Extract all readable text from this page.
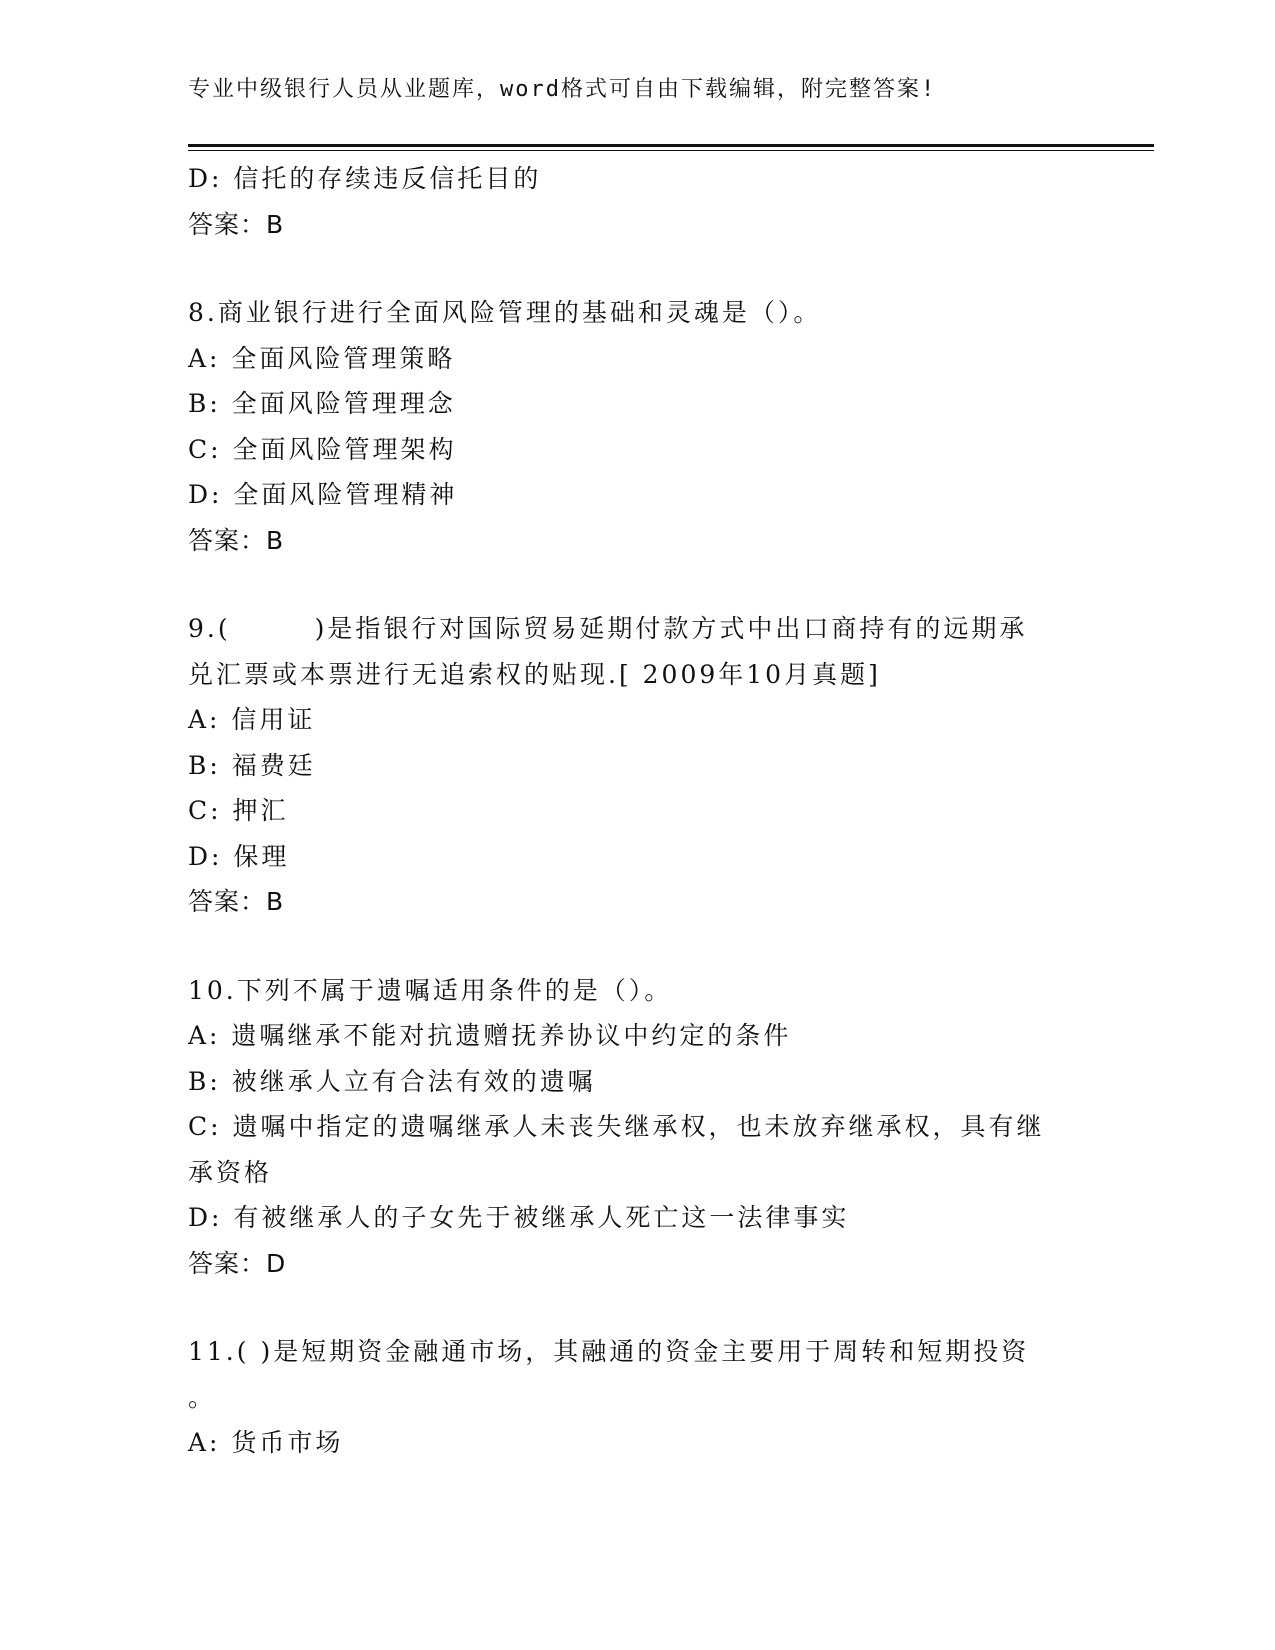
专业中级银行人员从业题库，word格式可自由下载编辑，附完整答案!
D: 信托的存续违反信托目的
答案：B
8.商业银行进行全面风险管理的基础和灵魂是（）。
A: 全面风险管理策略
B: 全面风险管理理念
C: 全面风险管理架构
D: 全面风险管理精神
答案：B
9.(　　　)是指银行对国际贸易延期付款方式中出口商持有的远期承
兑汇票或本票进行无追索权的贴现.[ 2009年10月真题]
A: 信用证
B: 福费廷
C: 押汇
D: 保理
答案：B
10.下列不属于遗嘱适用条件的是（）。
A: 遗嘱继承不能对抗遗赠抚养协议中约定的条件
B: 被继承人立有合法有效的遗嘱
C: 遗嘱中指定的遗嘱继承人未丧失继承权，也未放弃继承权，具有继
承资格
D: 有被继承人的子女先于被继承人死亡这一法律事实
答案：D
11.( )是短期资金融通市场，其融通的资金主要用于周转和短期投资
。
A: 货币市场
